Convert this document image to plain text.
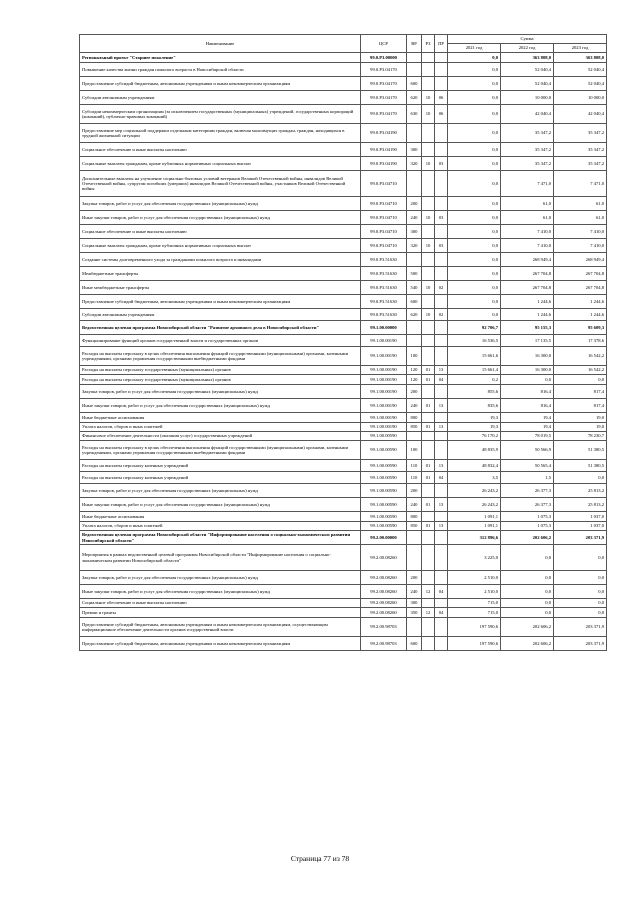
Наименование	ЦСР	ВР	РЗ	ПР	Сумма		
					2021 год	2022 год	2023 год
Региональный проект "Старшее поколение"	99.0.Р3.00000				0,0	363 808,0	363 808,0
Повышение качества жизни граждан пожилого возраста в Новосибирской области	99.0.Р3.04170				0,0	52 040,4	52 040,4
Предоставление субсидий бюджетным, автономным учреждениям и иным некоммерческим организациям	99.0.Р3.04170	600			0,0	52 040,4	52 040,4
Субсидии автономным учреждениям	99.0.Р3.04170	620	10	06	0,0	10 000,0	10 000,0
Субсидии некоммерческим организациям (за исключением государственных (муниципальных) учреждений, государственных корпораций (компаний), публично-правовых компаний)	99.0.Р3.04170	630	10	06	0,0	42 040,4	42 040,4
Предоставление мер социальной поддержки отдельным категориям граждан, включая малоимущих граждан, граждан, находящихся в трудной жизненной ситуации	99.0.Р3.04190				0,0	35 347,2	35 347,2
Социальное обеспечение и иные выплаты населению	99.0.Р3.04190	300			0,0	35 347,2	35 347,2
Социальные выплаты гражданам, кроме публичных нормативных социальных выплат	99.0.Р3.04190	320	10	03	0,0	35 347,2	35 347,2
Дополнительные выплаты на улучшение социально-бытовых условий ветеранов Великой Отечественной войны, инвалидов Великой Отечественной войны, супругам погибших (умерших) инвалидов Великой Отечественной войны, участников Великой Отечественной войны	99.0.Р3.04710				0,0	7 471,0	7 471,0
Закупка товаров, работ и услуг для обеспечения государственных (муниципальных) нужд	99.0.Р3.04710	200			0,0	61,0	61,0
Иные закупки товаров, работ и услуг для обеспечения государственных (муниципальных) нужд	99.0.Р3.04710	240	10	03	0,0	61,0	61,0
Социальное обеспечение и иные выплаты населению	99.0.Р3.04710	300			0,0	7 410,0	7 410,0
Социальные выплаты гражданам, кроме публичных нормативных социальных выплат	99.0.Р3.04710	320	10	03	0,0	7 410,0	7 410,0
Создание системы долговременного ухода за гражданами пожилого возраста и инвалидами	99.0.Р3.51630				0,0	268 949,4	268 949,4
Межбюджетные трансферты	99.0.Р3.51630	500			0,0	267 704,8	267 704,8
Иные межбюджетные трансферты	99.0.Р3.51630	540	10	02	0,0	267 704,8	267 704,8
Предоставление субсидий бюджетным, автономным учреждениям и иным некоммерческим организациям	99.0.Р3.51630	600			0,0	1 244,6	1 244,6
Субсидии автономным учреждениям	99.0.Р3.51630	620	10	02	0,0	1 244,6	1 244,6
Ведомственная целевая программа Новосибирской области "Развитие архивного дела в Новосибирской области"	99.1.00.00000				92 706,7	95 155,3	95 609,3
Функционирование функций органов государственной власти и государственных органов	99.1.00.00190				16 536,5	17 135,5	17 378,6
Расходы на выплаты персоналу в целях обеспечения выполнения функций государственными (муниципальными) органами, казенными учреждениями, органами управления государственными внебюджетными фондами	99.1.00.00190	100			15 661,6	16 300,0	16 542,2
Расходы на выплаты персоналу государственных (муниципальных) органов	99.1.00.00190	120	01	13	15 661,4	16 300,0	16 542,2
Расходы на выплаты персоналу государственных (муниципальных) органов	99.1.00.00190	120	01	04	0,2	0,0	0,0
Закупка товаров, работ и услуг для обеспечения государственных (муниципальных) нужд	99.1.00.00190	200			855,6	816,4	817,4
Иные закупки товаров, работ и услуг для обеспечения государственных (муниципальных) нужд	99.1.00.00190	240	01	13	835,6	816,4	817,4
Иные бюджетные ассигнования	99.1.00.00190	800			19,3	19,4	19,0
Уплата налогов, сборов и иных платежей	99.1.00.00190	850	01	13	19,3	19,4	19,0
Финансовое обеспечение деятельности (оказания услуг) государственных учреждений	99.1.00.00590				76 170,2	78 019,5	78 230,7
Расходы на выплаты персоналу в целях обеспечения выполнения функций государственными (муниципальными) органами, казенными учреждениями, органами управления государственными внебюджетными фондами	99.1.00.00590	100			48 835,9	50 566,9	51 380,5
Расходы на выплаты персоналу казенных учреждений	99.1.00.00590	110	01	13	48 832,4	50 565,4	51 380,5
Расходы на выплаты персоналу казенных учреждений	99.1.00.00590	110	01	04	3,5	1,5	0,0
Закупка товаров, работ и услуг для обеспечения государственных (муниципальных) нужд	99.1.00.00590	200			26 243,2	26 377,3	25 813,2
Иные закупки товаров, работ и услуг для обеспечения государственных (муниципальных) нужд	99.1.00.00590	240	01	13	26 243,2	26 377,3	25 813,2
Иные бюджетные ассигнования	99.1.00.00590	800			1 091,1	1 075,3	1 037,0
Уплата налогов, сборов и иных платежей	99.1.00.00590	850	01	13	1 091,1	1 075,3	1 037,0
Ведомственная целевая программа Новосибирской области "Информирование населения о социально-экономическом развитии Новосибирской области"	99.2.00.00000				312 896,6	202 606,2	203 371,9
Мероприятия в рамках ведомственной целевой программы Новосибирской области "Информирование населения о социально-экономическом развитии Новосибирской области"	99.2.00.08260				3 225,0	0,0	0,0
Закупка товаров, работ и услуг для обеспечения государственных (муниципальных) нужд	99.2.00.08260	200			2 510,0	0,0	0,0
Иные закупки товаров, работ и услуг для обеспечения государственных (муниципальных) нужд	99.2.00.08260	240	12	04	2 510,0	0,0	0,0
Социальное обеспечение и иные выплаты населению	99.2.00.08260	300			715,0	0,0	0,0
Премии и гранты	99.2.00.08260	350	12	04	715,0	0,0	0,0
Предоставление субсидий бюджетным, автономным учреждениям и иным некоммерческим организациям, осуществляющим информационное обеспечение деятельности органов государственной власти	99.2.00.98703				197 590,6	202 606,2	203 371,9
Предоставление субсидий бюджетным, автономным учреждениям и иным некоммерческим организациям	99.2.00.98703	600			197 590,6	202 606,2	203 371,9
Страница 77 из 78
